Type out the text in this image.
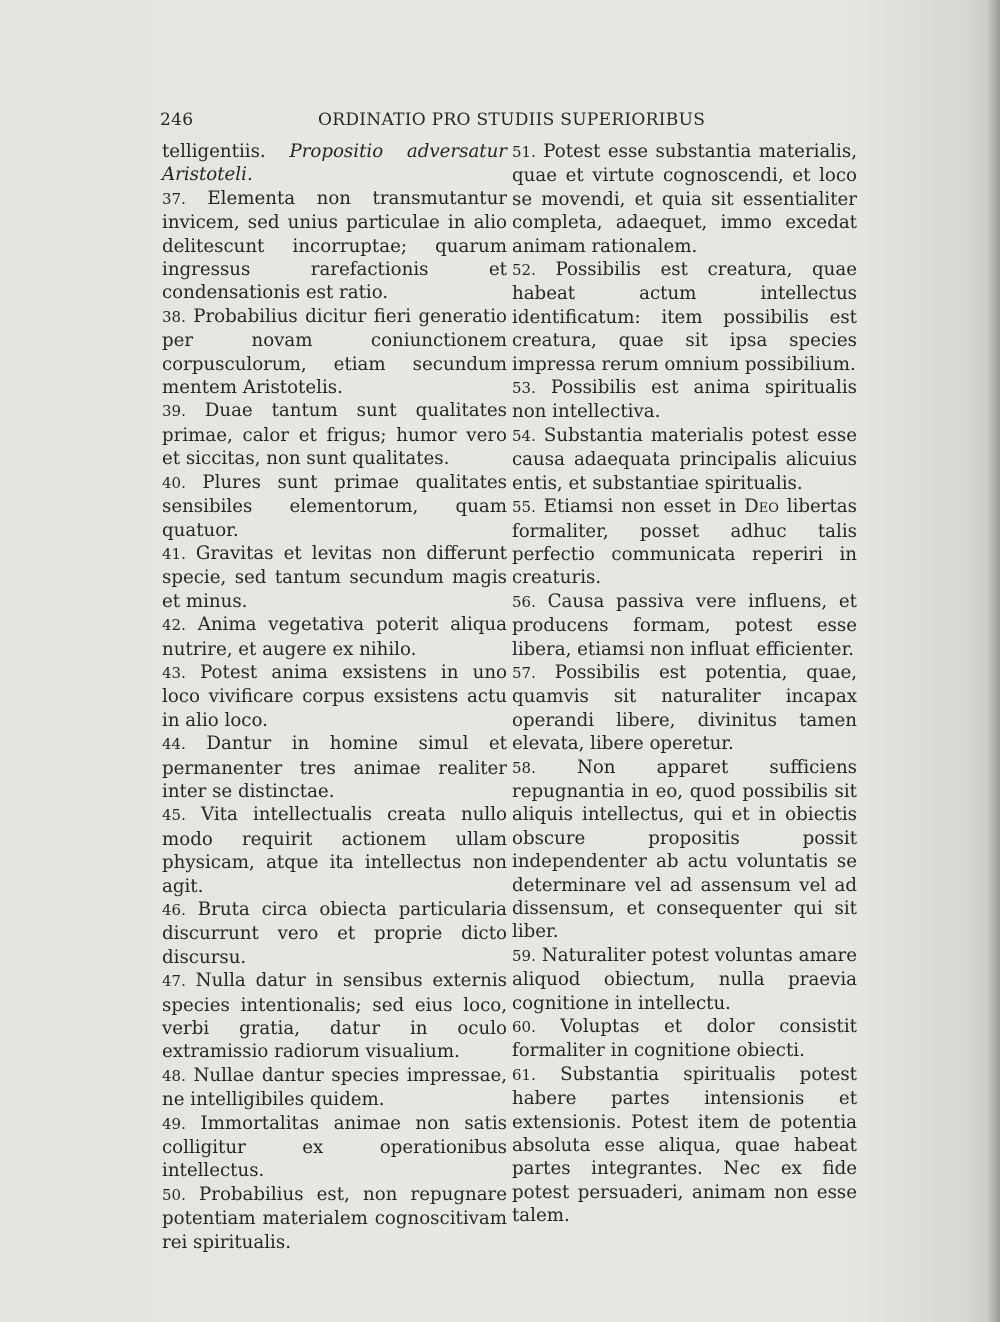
246	ORDINATIO PRO STUDIIS SUPERIORIBUS

telligentiis. Propositio adversatur Aristoteli.

37. Elementa non transmutantur invicem, sed unius particulae in alio delitescunt incorruptae; quarum ingressus rarefactionis et condensationis est ratio.

38. Probabilius dicitur fieri generatio per novam coniunctionem corpusculorum, etiam secundum mentem Aristotelis.

39. Duae tantum sunt qualitates primae, calor et frigus; humor vero et siccitas, non sunt qualitates.

40. Plures sunt primae qualitates sensibiles elementorum, quam quatuor.

41. Gravitas et levitas non differunt specie, sed tantum secundum magis et minus.

42. Anima vegetativa poterit aliqua nutrire, et augere ex nihilo.

43. Potest anima exsistens in uno loco vivificare corpus exsistens actu in alio loco.

44. Dantur in homine simul et permanenter tres animae realiter inter se distinctae.

45. Vita intellectualis creata nullo modo requirit actionem ullam physicam, atque ita intellectus non agit.

46. Bruta circa obiecta particularia discurrunt vero et proprie dicto discursu.

47. Nulla datur in sensibus externis species intentionalis; sed eius loco, verbi gratia, datur in oculo extramissio radiorum visualium.

48. Nullae dantur species impressae, ne intelligibiles quidem.

49. Immortalitas animae non satis colligitur ex operationibus intellectus.

50. Probabilius est, non repugnare potentiam materialem cognoscitivam rei spiritualis.

51. Potest esse substantia materialis, quae et virtute cognoscendi, et loco se movendi, et quia sit essentialiter completa, adaequet, immo excedat animam rationalem.

52. Possibilis est creatura, quae habeat actum intellectus identificatum: item possibilis est creatura, quae sit ipsa species impressa rerum omnium possibilium.

53. Possibilis est anima spiritualis non intellectiva.

54. Substantia materialis potest esse causa adaequata principalis alicuius entis, et substantiae spiritualis.

55. Etiamsi non esset in Deo libertas formaliter, posset adhuc talis perfectio communicata reperiri in creaturis.

56. Causa passiva vere influens, et producens formam, potest esse libera, etiamsi non influat efficienter.

57. Possibilis est potentia, quae, quamvis sit naturaliter incapax operandi libere, divinitus tamen elevata, libere operetur.

58. Non apparet sufficiens repugnantia in eo, quod possibilis sit aliquis intellectus, qui et in obiectis obscure propositis possit independenter ab actu voluntatis se determinare vel ad assensum vel ad dissensum, et consequenter qui sit liber.

59. Naturaliter potest voluntas amare aliquod obiectum, nulla praevia cognitione in intellectu.

60. Voluptas et dolor consistit formaliter in cognitione obiecti.

61. Substantia spiritualis potest habere partes intensionis et extensionis. Potest item de potentia absoluta esse aliqua, quae habeat partes integrantes. Nec ex fide potest persuaderi, animam non esse talem.
